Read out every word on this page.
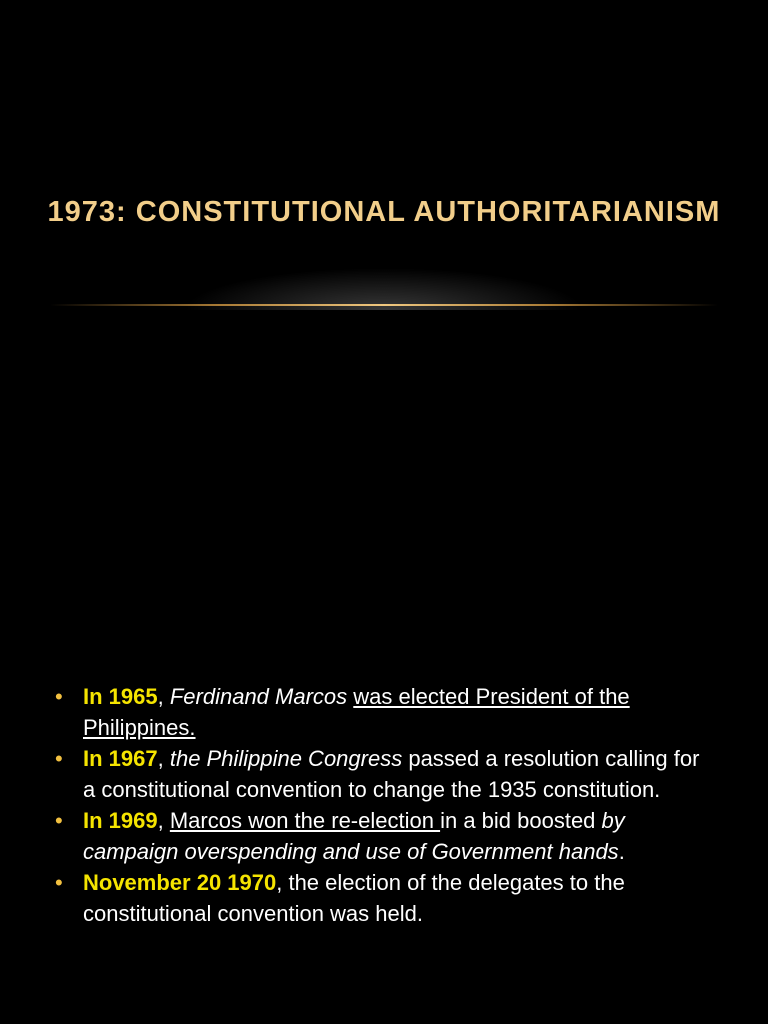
1973: CONSTITUTIONAL AUTHORITARIANISM
• In 1965, Ferdinand Marcos was elected President of the Philippines.
• In 1967, the Philippine Congress passed a resolution calling for a constitutional convention to change the 1935 constitution.
• In 1969, Marcos won the re-election in a bid boosted by campaign overspending and use of Government hands.
• November 20 1970, the election of the delegates to the constitutional convention was held.
